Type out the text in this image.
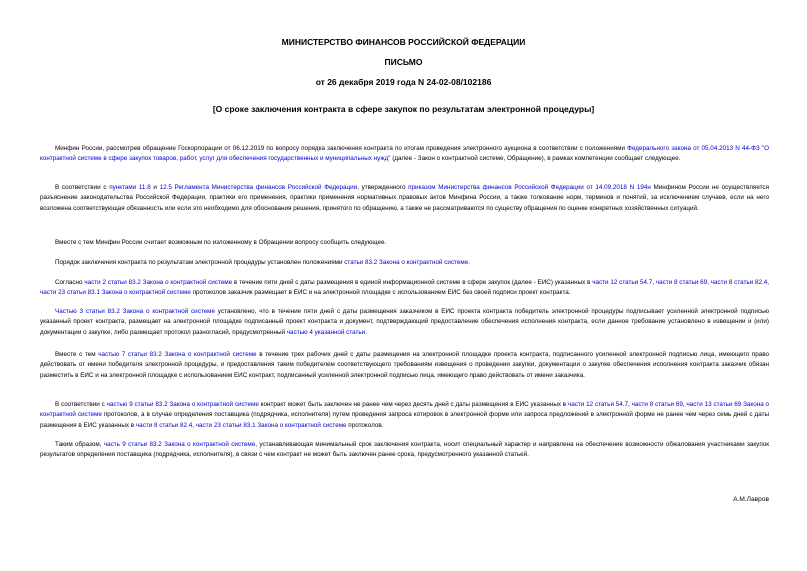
МИНИСТЕРСТВО ФИНАНСОВ РОССИЙСКОЙ ФЕДЕРАЦИИ
ПИСЬМО
от 26 декабря 2019 года N 24-02-08/102186
[О сроке заключения контракта в сфере закупок по результатам электронной процедуры]

Минфин России, рассмотрев обращение Госкорпорации от 06.12.2019 по вопросу порядка заключения контракта по итогам проведения электронного аукциона в соответствии с положениями Федерального закона от 05.04.2013 N 44-ФЗ "О контрактной системе в сфере закупок товаров, работ, услуг для обеспечения государственных и муниципальных нужд" (далее - Закон о контрактной системе, Обращение), в рамках компетенции сообщает следующее.

В соответствии с пунктами 11.8 и 12.5 Регламента Министерства финансов Российской Федерации, утвержденного приказом Министерства финансов Российской Федерации от 14.09.2018 N 194н Минфином России не осуществляется разъяснение законодательства Российской Федерации, практики его применения, практики применения нормативных правовых актов Минфина России, а также толкование норм, терминов и понятий, за исключением случаев, если на него возложена соответствующая обязанность или если это необходимо для обоснования решения, принятого по обращению, а также не рассматриваются по существу обращения по оценке конкретных хозяйственных ситуаций.

Вместе с тем Минфин России считает возможным по изложенному в Обращении вопросу сообщить следующее.

Порядок заключения контракта по результатам электронной процедуры установлен положениями статьи 83.2 Закона о контрактной системе.

Согласно части 2 статьи 83.2 Закона о контрактной системе в течение пяти дней с даты размещения в единой информационной системе в сфере закупок (далее - ЕИС) указанных в части 12 статьи 54.7, части 8 статьи 69, части 8 статьи 82.4, части 23 статьи 83.1 Закона о контрактной системе протоколов заказчик размещает в ЕИС и на электронной площадке с использованием ЕИС без своей подписи проект контракта.

Частью 3 статьи 83.2 Закона о контрактной системе установлено, что в течение пяти дней с даты размещения заказчиком в ЕИС проекта контракта победитель электронной процедуры подписывает усиленной электронной подписью указанный проект контракта, размещает на электронной площадке подписанный проект контракта и документ, подтверждающий предоставление обеспечения исполнения контракта, если данное требование установлено в извещении и (или) документации о закупке, либо размещает протокол разногласий, предусмотренный частью 4 указанной статьи.

Вместе с тем частью 7 статьи 83.2 Закона о контрактной системе в течение трех рабочих дней с даты размещения на электронной площадке проекта контракта, подписанного усиленной электронной подписью лица, имеющего право действовать от имени победителя электронной процедуры, и предоставления таким победителем соответствующего требованиям извещения о проведении закупки, документации о закупке обеспечения исполнения контракта заказчик обязан разместить в ЕИС и на электронной площадке с использованием ЕИС контракт, подписанный усиленной электронной подписью лица, имеющего право действовать от имени заказчика.

В соответствии с частью 9 статьи 83.2 Закона о контрактной системе контракт может быть заключен не ранее чем через десять дней с даты размещения в ЕИС указанных в части 12 статьи 54.7, части 8 статьи 69, части 13 статьи 69 Закона о контрактной системе протоколов, а в случае определения поставщика (подрядчика, исполнителя) путем проведения запроса котировок в электронной форме или запроса предложений в электронной форме не ранее чем через семь дней с даты размещения в ЕИС указанных в части 8 статьи 82.4, части 23 статьи 83.1 Закона о контрактной системе протоколов.

Таким образом, часть 9 статьи 83.2 Закона о контрактной системе, устанавливающая минимальный срок заключения контракта, носит специальный характер и направлена на обеспечение возможности обжалования участниками закупок результатов определения поставщика (подрядчика, исполнителя), в связи с чем контракт не может быть заключен ранее срока, предусмотренного указанной статьей.

А.М.Лавров
